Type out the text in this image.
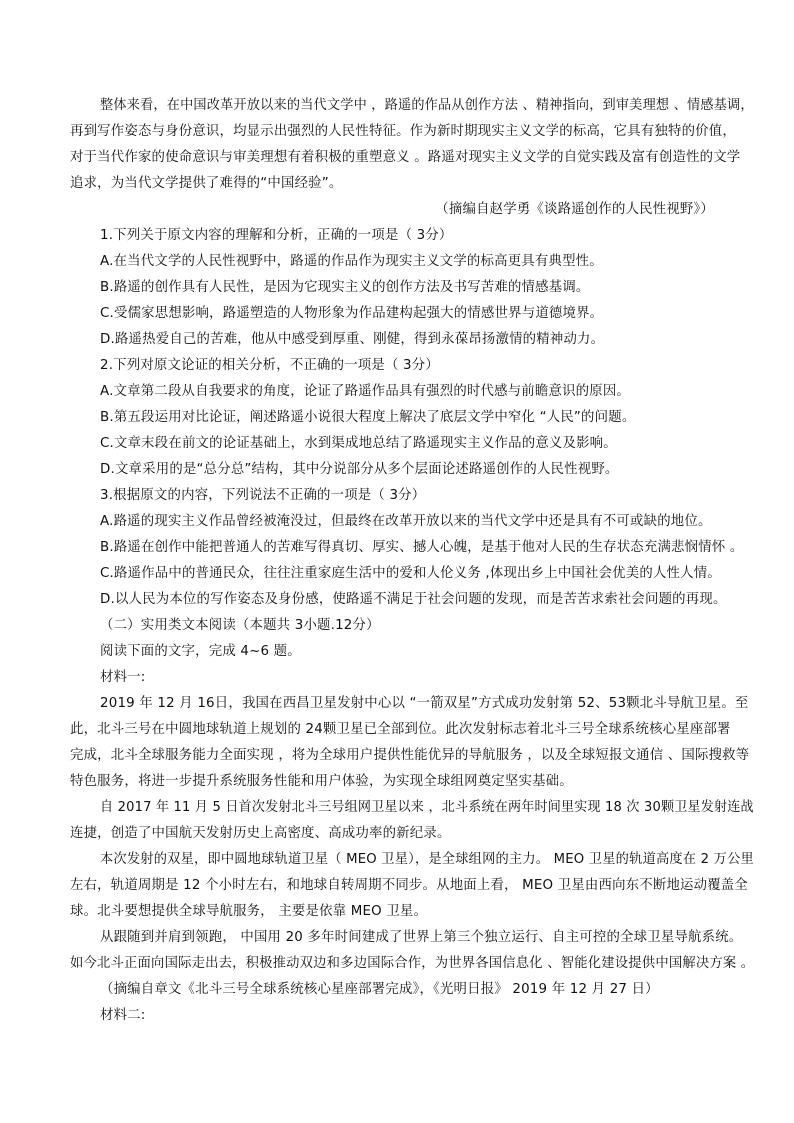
整体来看，在中国改革开放以来的当代文学中 ，路遥的作品从创作方法 、精神指向，到审美理想 、情感基调，
再到写作姿态与身份意识，均显示出强烈的人民性特征。作为新时期现实主义文学的标高，它具有独特的价值，
对于当代作家的使命意识与审美理想有着积极的重塑意义 。路遥对现实主义文学的自觉实践及富有创造性的文学
追求，为当代文学提供了难得的“中国经验”。
（摘编自赵学勇《谈路遥创作的人民性视野》）
1.下列关于原文内容的理解和分析，正确的一项是（ 3分）
A.在当代文学的人民性视野中，路遥的作品作为现实主义文学的标高更具有典型性。
B.路遥的创作具有人民性，是因为它现实主义的创作方法及书写苦难的情感基调。
C.受儒家思想影响，路遥塑造的人物形象为作品建构起强大的情感世界与道德境界。
D.路遥热爱自己的苦难，他从中感受到厚重、刚健，得到永葆昂扬激情的精神动力。
2.下列对原文论证的相关分析，不正确的一项是（ 3分）
A.文章第二段从自我要求的角度，论证了路遥作品具有强烈的时代感与前瞻意识的原因。
B.第五段运用对比论证，阐述路遥小说很大程度上解决了底层文学中窄化 “人民”的问题。
C.文章末段在前文的论证基础上，水到渠成地总结了路遥现实主义作品的意义及影响。
D.文章采用的是“总分总”结构，其中分说部分从多个层面论述路遥创作的人民性视野。
3.根据原文的内容，下列说法不正确的一项是（ 3分）
A.路遥的现实主义作品曾经被淹没过，但最终在改革开放以来的当代文学中还是具有不可或缺的地位。
B.路遥在创作中能把普通人的苦难写得真切、厚实、撼人心魄，是基于他对人民的生存状态充满悲悯情怀 。
C.路遥作品中的普通民众，往往注重家庭生活中的爱和人伦义务 ,体现出乡上中国社会优美的人性人情。
D.以人民为本位的写作姿态及身份感，使路遥不满足于社会问题的发现，而是苦苦求索社会问题的再现。
（二）实用类文本阅读（本题共 3小题.12分）
阅读下面的文字，完成 4~6 题。
材料一:
2019 年 12 月 16日，我国在西昌卫星发射中心以 “一箭双星”方式成功发射第 52、53颗北斗导航卫星。至
此，北斗三号在中圆地球轨道上规划的 24颗卫星已全部到位。此次发射标志着北斗三号全球系统核心星座部署
完成，北斗全球服务能力全面实现 ，将为全球用户提供性能优异的导航服务 ，以及全球短报文通信 、国际搜救等
特色服务，将进一步提升系统服务性能和用户体验，为实现全球组网奠定坚实基础。
自 2017 年 11 月 5 日首次发射北斗三号组网卫星以来 ，北斗系统在两年时间里实现 18 次 30颗卫星发射连战
连捷，创造了中国航天发射历史上高密度、高成功率的新纪录。
本次发射的双星，即中圆地球轨道卫星（ MEO 卫星），是全球组网的主力。 MEO 卫星的轨道高度在 2 万公里
左右，轨道周期是 12 个小时左右，和地球自转周期不同步。从地面上看， MEO 卫星由西向东不断地运动覆盖全
球。北斗要想提供全球导航服务， 主要是依靠 MEO 卫星。
从跟随到并肩到领跑， 中国用 20 多年时间建成了世界上第三个独立运行、自主可控的全球卫星导航系统。
如今北斗正面向国际走出去，积极推动双边和多边国际合作，为世界各国信息化 、智能化建设提供中国解决方案 。
（摘编自章文《北斗三号全球系统核心星座部署完成》，《光明日报》 2019 年 12 月 27 日）
材料二:
